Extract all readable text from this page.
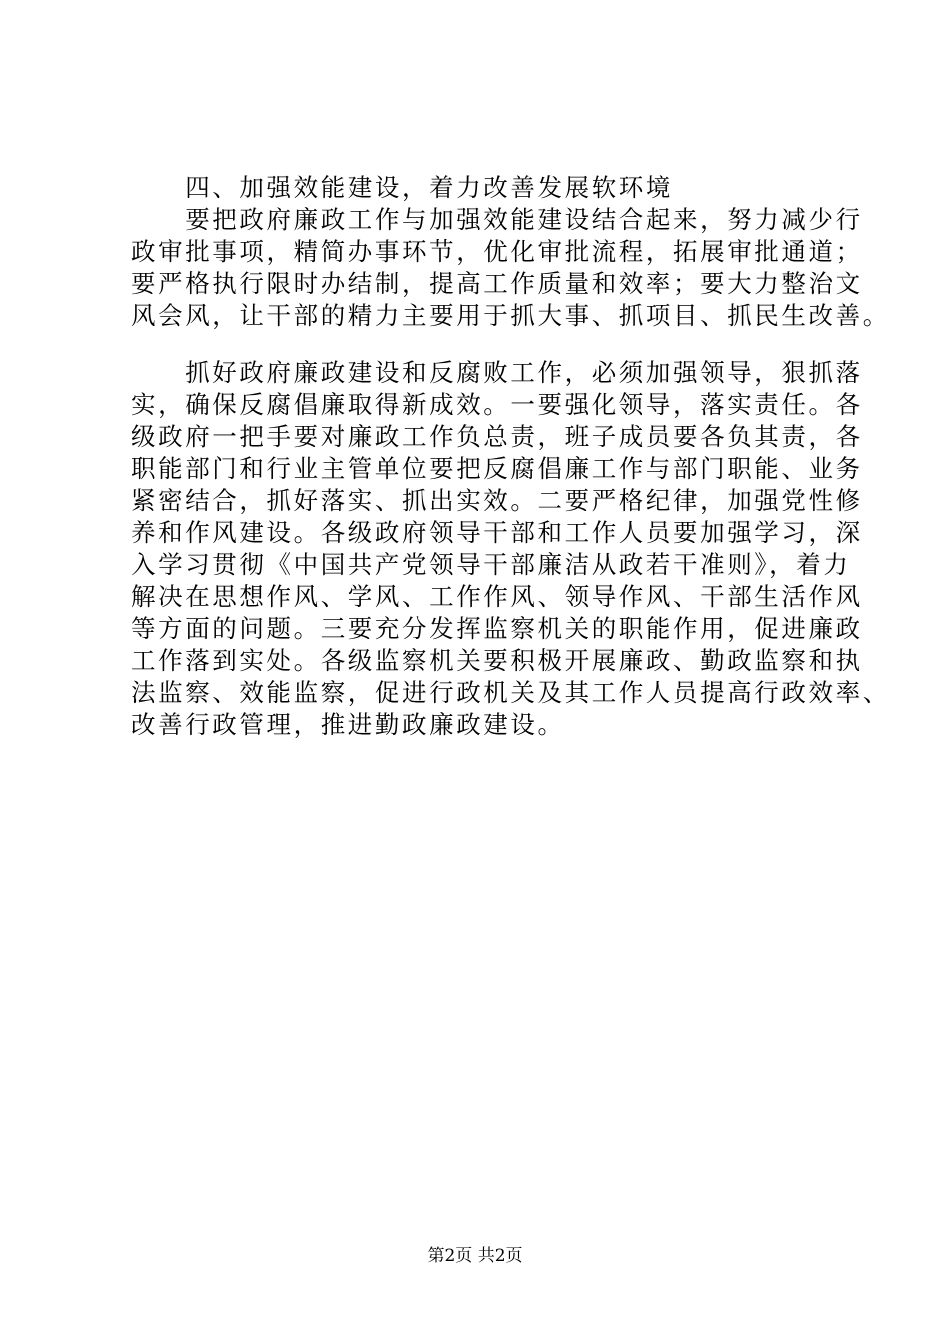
　　四、加强效能建设，着力改善发展软环境
　　要把政府廉政工作与加强效能建设结合起来，努力减少行
政审批事项，精简办事环节，优化审批流程，拓展审批通道；
要严格执行限时办结制，提高工作质量和效率；要大力整治文
风会风，让干部的精力主要用于抓大事、抓项目、抓民生改善。
　　抓好政府廉政建设和反腐败工作，必须加强领导，狠抓落
实，确保反腐倡廉取得新成效。一要强化领导，落实责任。各
级政府一把手要对廉政工作负总责，班子成员要各负其责，各
职能部门和行业主管单位要把反腐倡廉工作与部门职能、业务
紧密结合，抓好落实、抓出实效。二要严格纪律，加强党性修
养和作风建设。各级政府领导干部和工作人员要加强学习，深
入学习贯彻《中国共产党领导干部廉洁从政若干准则》，着力
解决在思想作风、学风、工作作风、领导作风、干部生活作风
等方面的问题。三要充分发挥监察机关的职能作用，促进廉政
工作落到实处。各级监察机关要积极开展廉政、勤政监察和执
法监察、效能监察，促进行政机关及其工作人员提高行政效率、
改善行政管理，推进勤政廉政建设。
第2页 共2页
